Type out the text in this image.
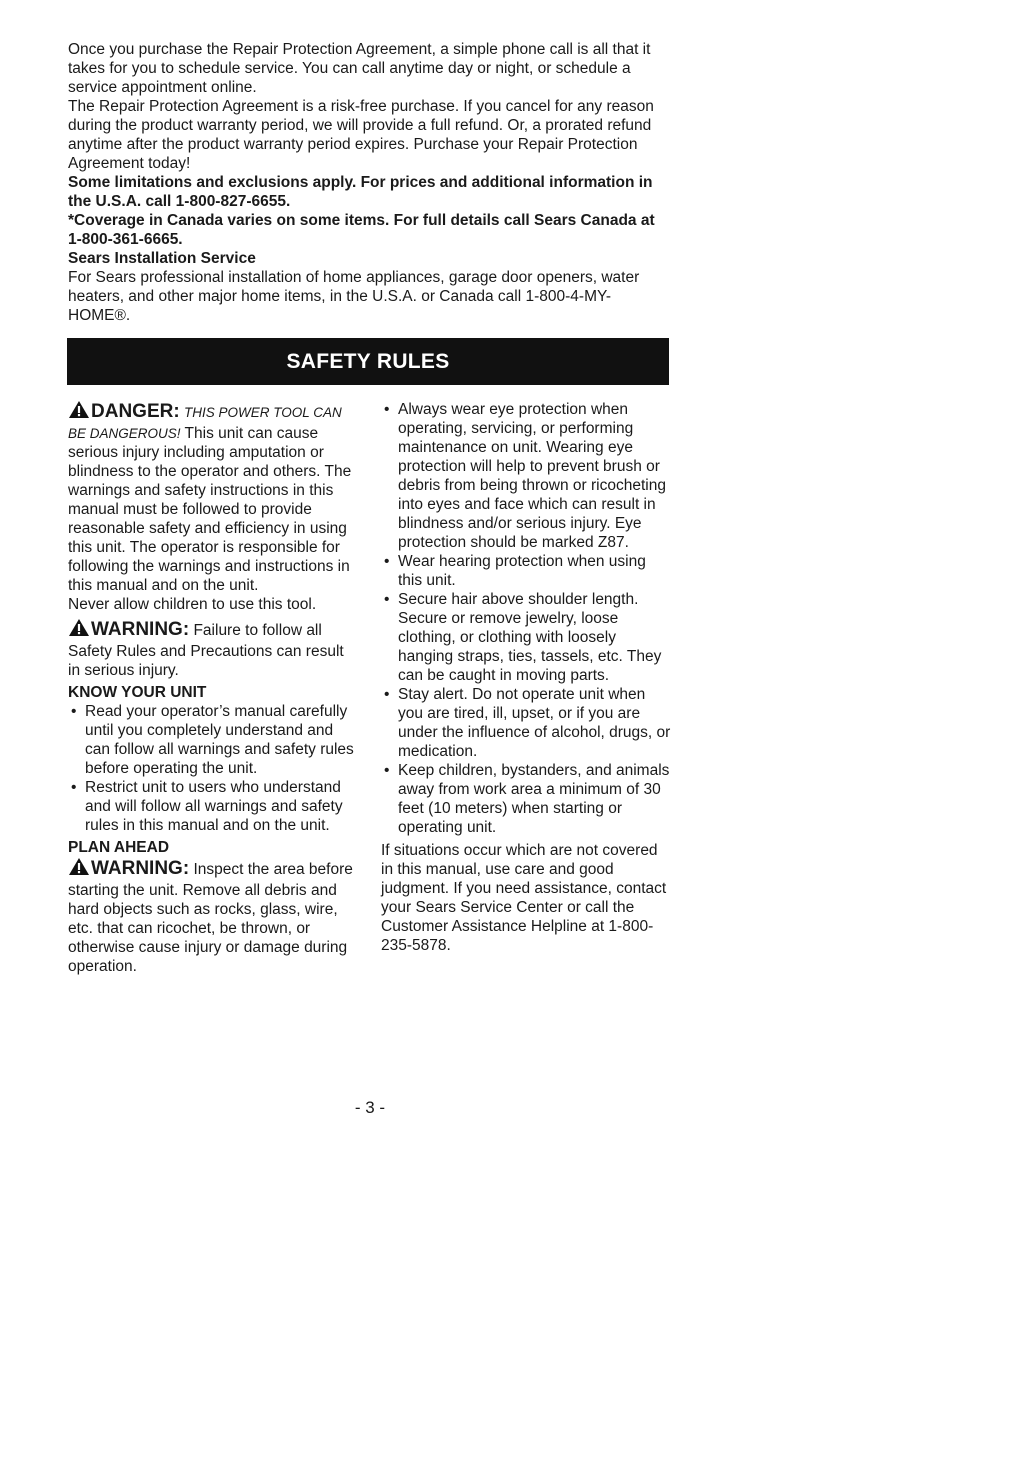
Once you purchase the Repair Protection Agreement, a simple phone call is all that it takes for you to schedule service. You can call anytime day or night, or schedule a service appointment online.

The Repair Protection Agreement is a risk-free purchase. If you cancel for any reason during the product warranty period, we will provide a full refund. Or, a prorated refund anytime after the product warranty period expires. Purchase your Repair Protection Agreement today!

Some limitations and exclusions apply. For prices and additional information in the U.S.A. call 1-800-827-6655.

*Coverage in Canada varies on some items. For full details call Sears Canada at 1-800-361-6665.

Sears Installation Service

For Sears professional installation of home appliances, garage door openers, water heaters, and other major home items, in the U.S.A. or Canada call 1-800-4-MY-HOME®.

SAFETY RULES

DANGER: THIS POWER TOOL CAN BE DANGEROUS! This unit can cause serious injury including amputation or blindness to the operator and others. The warnings and safety instructions in this manual must be followed to provide reasonable safety and efficiency in using this unit. The operator is responsible for following the warnings and instructions in this manual and on the unit.

Never allow children to use this tool.

WARNING: Failure to follow all Safety Rules and Precautions can result in serious injury.

KNOW YOUR UNIT

• Read your operator’s manual carefully until you completely understand and can follow all warnings and safety rules before operating the unit.
• Restrict unit to users who understand and will follow all warnings and safety rules in this manual and on the unit.

PLAN AHEAD

WARNING: Inspect the area before starting the unit. Remove all debris and hard objects such as rocks, glass, wire, etc. that can ricochet, be thrown, or otherwise cause injury or damage during operation.

• Always wear eye protection when operating, servicing, or performing maintenance on unit. Wearing eye protection will help to prevent brush or debris from being thrown or ricocheting into eyes and face which can result in blindness and/or serious injury. Eye protection should be marked Z87.
• Wear hearing protection when using this unit.
• Secure hair above shoulder length. Secure or remove jewelry, loose clothing, or clothing with loosely hanging straps, ties, tassels, etc. They can be caught in moving parts.
• Stay alert. Do not operate unit when you are tired, ill, upset, or if you are under the influence of alcohol, drugs, or medication.
• Keep children, bystanders, and animals away from work area a minimum of 30 feet (10 meters) when starting or operating unit.

If situations occur which are not covered in this manual, use care and good judgment. If you need assistance, contact your Sears Service Center or call the Customer Assistance Helpline at 1-800-235-5878.

- 3 -
